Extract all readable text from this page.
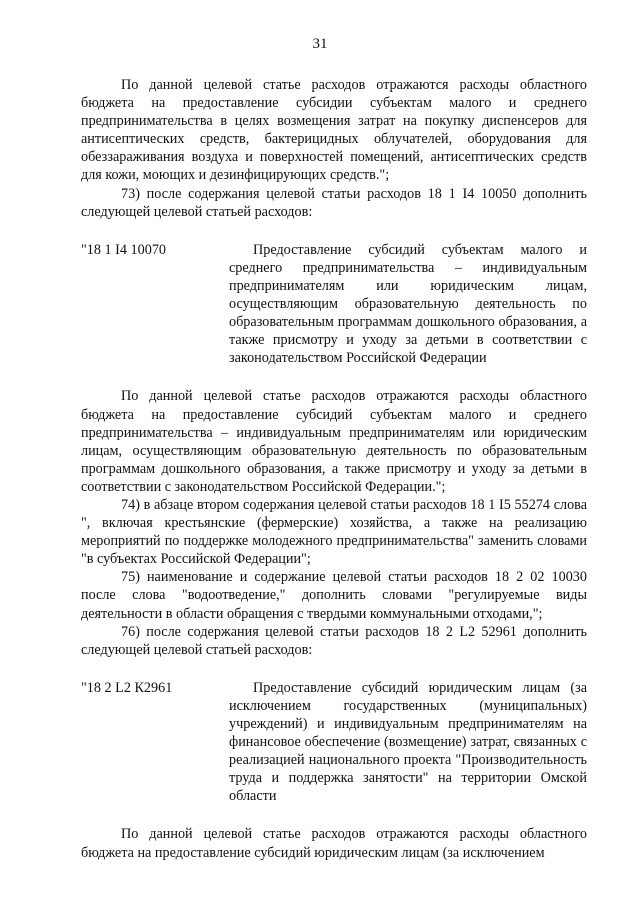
31

По данной целевой статье расходов отражаются расходы областного бюджета на предоставление субсидии субъектам малого и среднего предпринимательства в целях возмещения затрат на покупку диспенсеров для антисептических средств, бактерицидных облучателей, оборудования для обеззараживания воздуха и поверхностей помещений, антисептических средств для кожи, моющих и дезинфицирующих средств.";

73) после содержания целевой статьи расходов 18 1 I4 10050 дополнить следующей целевой статьей расходов:

"18 1 I4 10070	Предоставление субсидий субъектам малого и среднего предпринимательства – индивидуальным предпринимателям или юридическим лицам, осуществляющим образовательную деятельность по образовательным программам дошкольного образования, а также присмотру и уходу за детьми в соответствии с законодательством Российской Федерации

По данной целевой статье расходов отражаются расходы областного бюджета на предоставление субсидий субъектам малого и среднего предпринимательства – индивидуальным предпринимателям или юридическим лицам, осуществляющим образовательную деятельность по образовательным программам дошкольного образования, а также присмотру и уходу за детьми в соответствии с законодательством Российской Федерации.";

74) в абзаце втором содержания целевой статьи расходов 18 1 I5 55274 слова ", включая крестьянские (фермерские) хозяйства, а также на реализацию мероприятий по поддержке молодежного предпринимательства" заменить словами "в субъектах Российской Федерации";

75) наименование и содержание целевой статьи расходов 18 2 02 10030 после слова "водоотведение," дополнить словами "регулируемые виды деятельности в области обращения с твердыми коммунальными отходами,";

76) после содержания целевой статьи расходов 18 2 L2 52961 дополнить следующей целевой статьей расходов:

"18 2 L2 К2961	Предоставление субсидий юридическим лицам (за исключением государственных (муниципальных) учреждений) и индивидуальным предпринимателям на финансовое обеспечение (возмещение) затрат, связанных с реализацией национального проекта "Производительность труда и поддержка занятости" на территории Омской области

По данной целевой статье расходов отражаются расходы областного бюджета на предоставление субсидий юридическим лицам (за исключением
